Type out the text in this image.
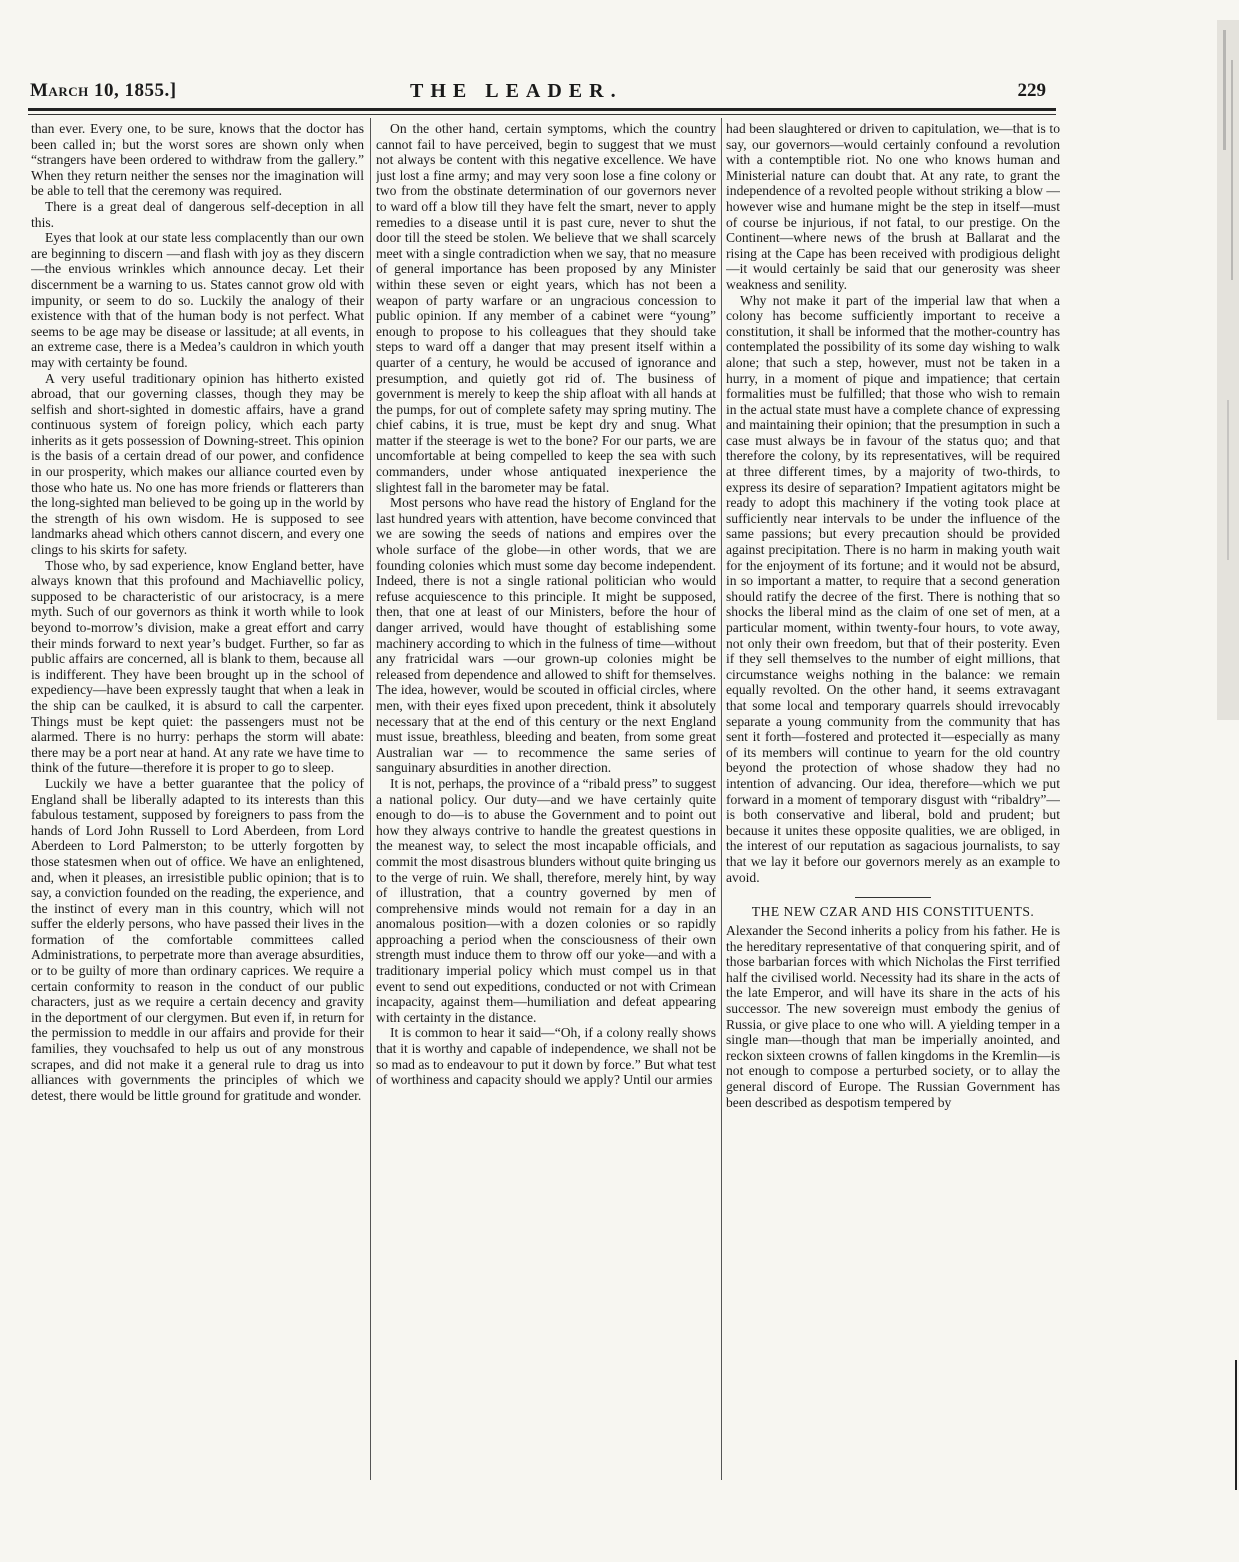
March 10, 1855.]	THE LEADER.	229

than ever. Every one, to be sure, knows that the doctor has been called in; but the worst sores are shown only when “strangers have been ordered to withdraw from the gallery.” When they return neither the senses nor the imagination will be able to tell that the ceremony was required.

There is a great deal of dangerous self-deception in all this.

Eyes that look at our state less complacently than our own are beginning to discern —and flash with joy as they discern—the envious wrinkles which announce decay. Let their discernment be a warning to us. States cannot grow old with impunity, or seem to do so. Luckily the analogy of their existence with that of the human body is not perfect. What seems to be age may be disease or lassitude; at all events, in an extreme case, there is a Medea’s cauldron in which youth may with certainty be found.

A very useful traditionary opinion has hitherto existed abroad, that our governing classes, though they may be selfish and short-sighted in domestic affairs, have a grand continuous system of foreign policy, which each party inherits as it gets possession of Downing-street. This opinion is the basis of a certain dread of our power, and confidence in our prosperity, which makes our alliance courted even by those who hate us. No one has more friends or flatterers than the long-sighted man believed to be going up in the world by the strength of his own wisdom. He is supposed to see landmarks ahead which others cannot discern, and every one clings to his skirts for safety.

Those who, by sad experience, know England better, have always known that this profound and Machiavellic policy, supposed to be characteristic of our aristocracy, is a mere myth. Such of our governors as think it worth while to look beyond to-morrow’s division, make a great effort and carry their minds forward to next year’s budget. Further, so far as public affairs are concerned, all is blank to them, because all is indifferent. They have been brought up in the school of expediency—have been expressly taught that when a leak in the ship can be caulked, it is absurd to call the carpenter. Things must be kept quiet: the passengers must not be alarmed. There is no hurry: perhaps the storm will abate: there may be a port near at hand. At any rate we have time to think of the future—therefore it is proper to go to sleep.

Luckily we have a better guarantee that the policy of England shall be liberally adapted to its interests than this fabulous testament, supposed by foreigners to pass from the hands of Lord John Russell to Lord Aberdeen, from Lord Aberdeen to Lord Palmerston; to be utterly forgotten by those statesmen when out of office. We have an enlightened, and, when it pleases, an irresistible public opinion; that is to say, a conviction founded on the reading, the experience, and the instinct of every man in this country, which will not suffer the elderly persons, who have passed their lives in the formation of the comfortable committees called Administrations, to perpetrate more than average absurdities, or to be guilty of more than ordinary caprices. We require a certain conformity to reason in the conduct of our public characters, just as we require a certain decency and gravity in the deportment of our clergymen. But even if, in return for the permission to meddle in our affairs and provide for their families, they vouchsafed to help us out of any monstrous scrapes, and did not make it a general rule to drag us into alliances with governments the principles of which we detest, there would be little ground for gratitude and wonder.

On the other hand, certain symptoms, which the country cannot fail to have perceived, begin to suggest that we must not always be content with this negative excellence. We have just lost a fine army; and may very soon lose a fine colony or two from the obstinate determination of our governors never to ward off a blow till they have felt the smart, never to apply remedies to a disease until it is past cure, never to shut the door till the steed be stolen. We believe that we shall scarcely meet with a single contradiction when we say, that no measure of general importance has been proposed by any Minister within these seven or eight years, which has not been a weapon of party warfare or an ungracious concession to public opinion. If any member of a cabinet were “young” enough to propose to his colleagues that they should take steps to ward off a danger that may present itself within a quarter of a century, he would be accused of ignorance and presumption, and quietly got rid of. The business of government is merely to keep the ship afloat with all hands at the pumps, for out of complete safety may spring mutiny. The chief cabins, it is true, must be kept dry and snug. What matter if the steerage is wet to the bone? For our parts, we are uncomfortable at being compelled to keep the sea with such commanders, under whose antiquated inexperience the slightest fall in the barometer may be fatal.

Most persons who have read the history of England for the last hundred years with attention, have become convinced that we are sowing the seeds of nations and empires over the whole surface of the globe—in other words, that we are founding colonies which must some day become independent. Indeed, there is not a single rational politician who would refuse acquiescence to this principle. It might be supposed, then, that one at least of our Ministers, before the hour of danger arrived, would have thought of establishing some machinery according to which in the fulness of time—without any fratricidal wars —our grown-up colonies might be released from dependence and allowed to shift for themselves. The idea, however, would be scouted in official circles, where men, with their eyes fixed upon precedent, think it absolutely necessary that at the end of this century or the next England must issue, breathless, bleeding and beaten, from some great Australian war — to recommence the same series of sanguinary absurdities in another direction.

It is not, perhaps, the province of a “ribald press” to suggest a national policy. Our duty—and we have certainly quite enough to do—is to abuse the Government and to point out how they always contrive to handle the greatest questions in the meanest way, to select the most incapable officials, and commit the most disastrous blunders without quite bringing us to the verge of ruin. We shall, therefore, merely hint, by way of illustration, that a country governed by men of comprehensive minds would not remain for a day in an anomalous position—with a dozen colonies or so rapidly approaching a period when the consciousness of their own strength must induce them to throw off our yoke—and with a traditionary imperial policy which must compel us in that event to send out expeditions, conducted or not with Crimean incapacity, against them—humiliation and defeat appearing with certainty in the distance.

It is common to hear it said—“Oh, if a colony really shows that it is worthy and capable of independence, we shall not be so mad as to endeavour to put it down by force.” But what test of worthiness and capacity should we apply? Until our armies

had been slaughtered or driven to capitulation, we—that is to say, our governors—would certainly confound a revolution with a contemptible riot. No one who knows human and Ministerial nature can doubt that. At any rate, to grant the independence of a revolted people without striking a blow —however wise and humane might be the step in itself—must of course be injurious, if not fatal, to our prestige. On the Continent—where news of the brush at Ballarat and the rising at the Cape has been received with prodigious delight—it would certainly be said that our generosity was sheer weakness and senility.

Why not make it part of the imperial law that when a colony has become sufficiently important to receive a constitution, it shall be informed that the mother-country has contemplated the possibility of its some day wishing to walk alone; that such a step, however, must not be taken in a hurry, in a moment of pique and impatience; that certain formalities must be fulfilled; that those who wish to remain in the actual state must have a complete chance of expressing and maintaining their opinion; that the presumption in such a case must always be in favour of the status quo; and that therefore the colony, by its representatives, will be required at three different times, by a majority of two-thirds, to express its desire of separation? Impatient agitators might be ready to adopt this machinery if the voting took place at sufficiently near intervals to be under the influence of the same passions; but every precaution should be provided against precipitation. There is no harm in making youth wait for the enjoyment of its fortune; and it would not be absurd, in so important a matter, to require that a second generation should ratify the decree of the first. There is nothing that so shocks the liberal mind as the claim of one set of men, at a particular moment, within twenty-four hours, to vote away, not only their own freedom, but that of their posterity. Even if they sell themselves to the number of eight millions, that circumstance weighs nothing in the balance: we remain equally revolted. On the other hand, it seems extravagant that some local and temporary quarrels should irrevocably separate a young community from the community that has sent it forth—fostered and protected it—especially as many of its members will continue to yearn for the old country beyond the protection of whose shadow they had no intention of advancing. Our idea, therefore—which we put forward in a moment of temporary disgust with “ribaldry”—is both conservative and liberal, bold and prudent; but because it unites these opposite qualities, we are obliged, in the interest of our reputation as sagacious journalists, to say that we lay it before our governors merely as an example to avoid.

THE NEW CZAR AND HIS CONSTITUENTS.

Alexander the Second inherits a policy from his father. He is the hereditary representative of that conquering spirit, and of those barbarian forces with which Nicholas the First terrified half the civilised world. Necessity had its share in the acts of the late Emperor, and will have its share in the acts of his successor. The new sovereign must embody the genius of Russia, or give place to one who will. A yielding temper in a single man—though that man be imperially anointed, and reckon sixteen crowns of fallen kingdoms in the Kremlin—is not enough to compose a perturbed society, or to allay the general discord of Europe. The Russian Government has been described as despotism tempered by
